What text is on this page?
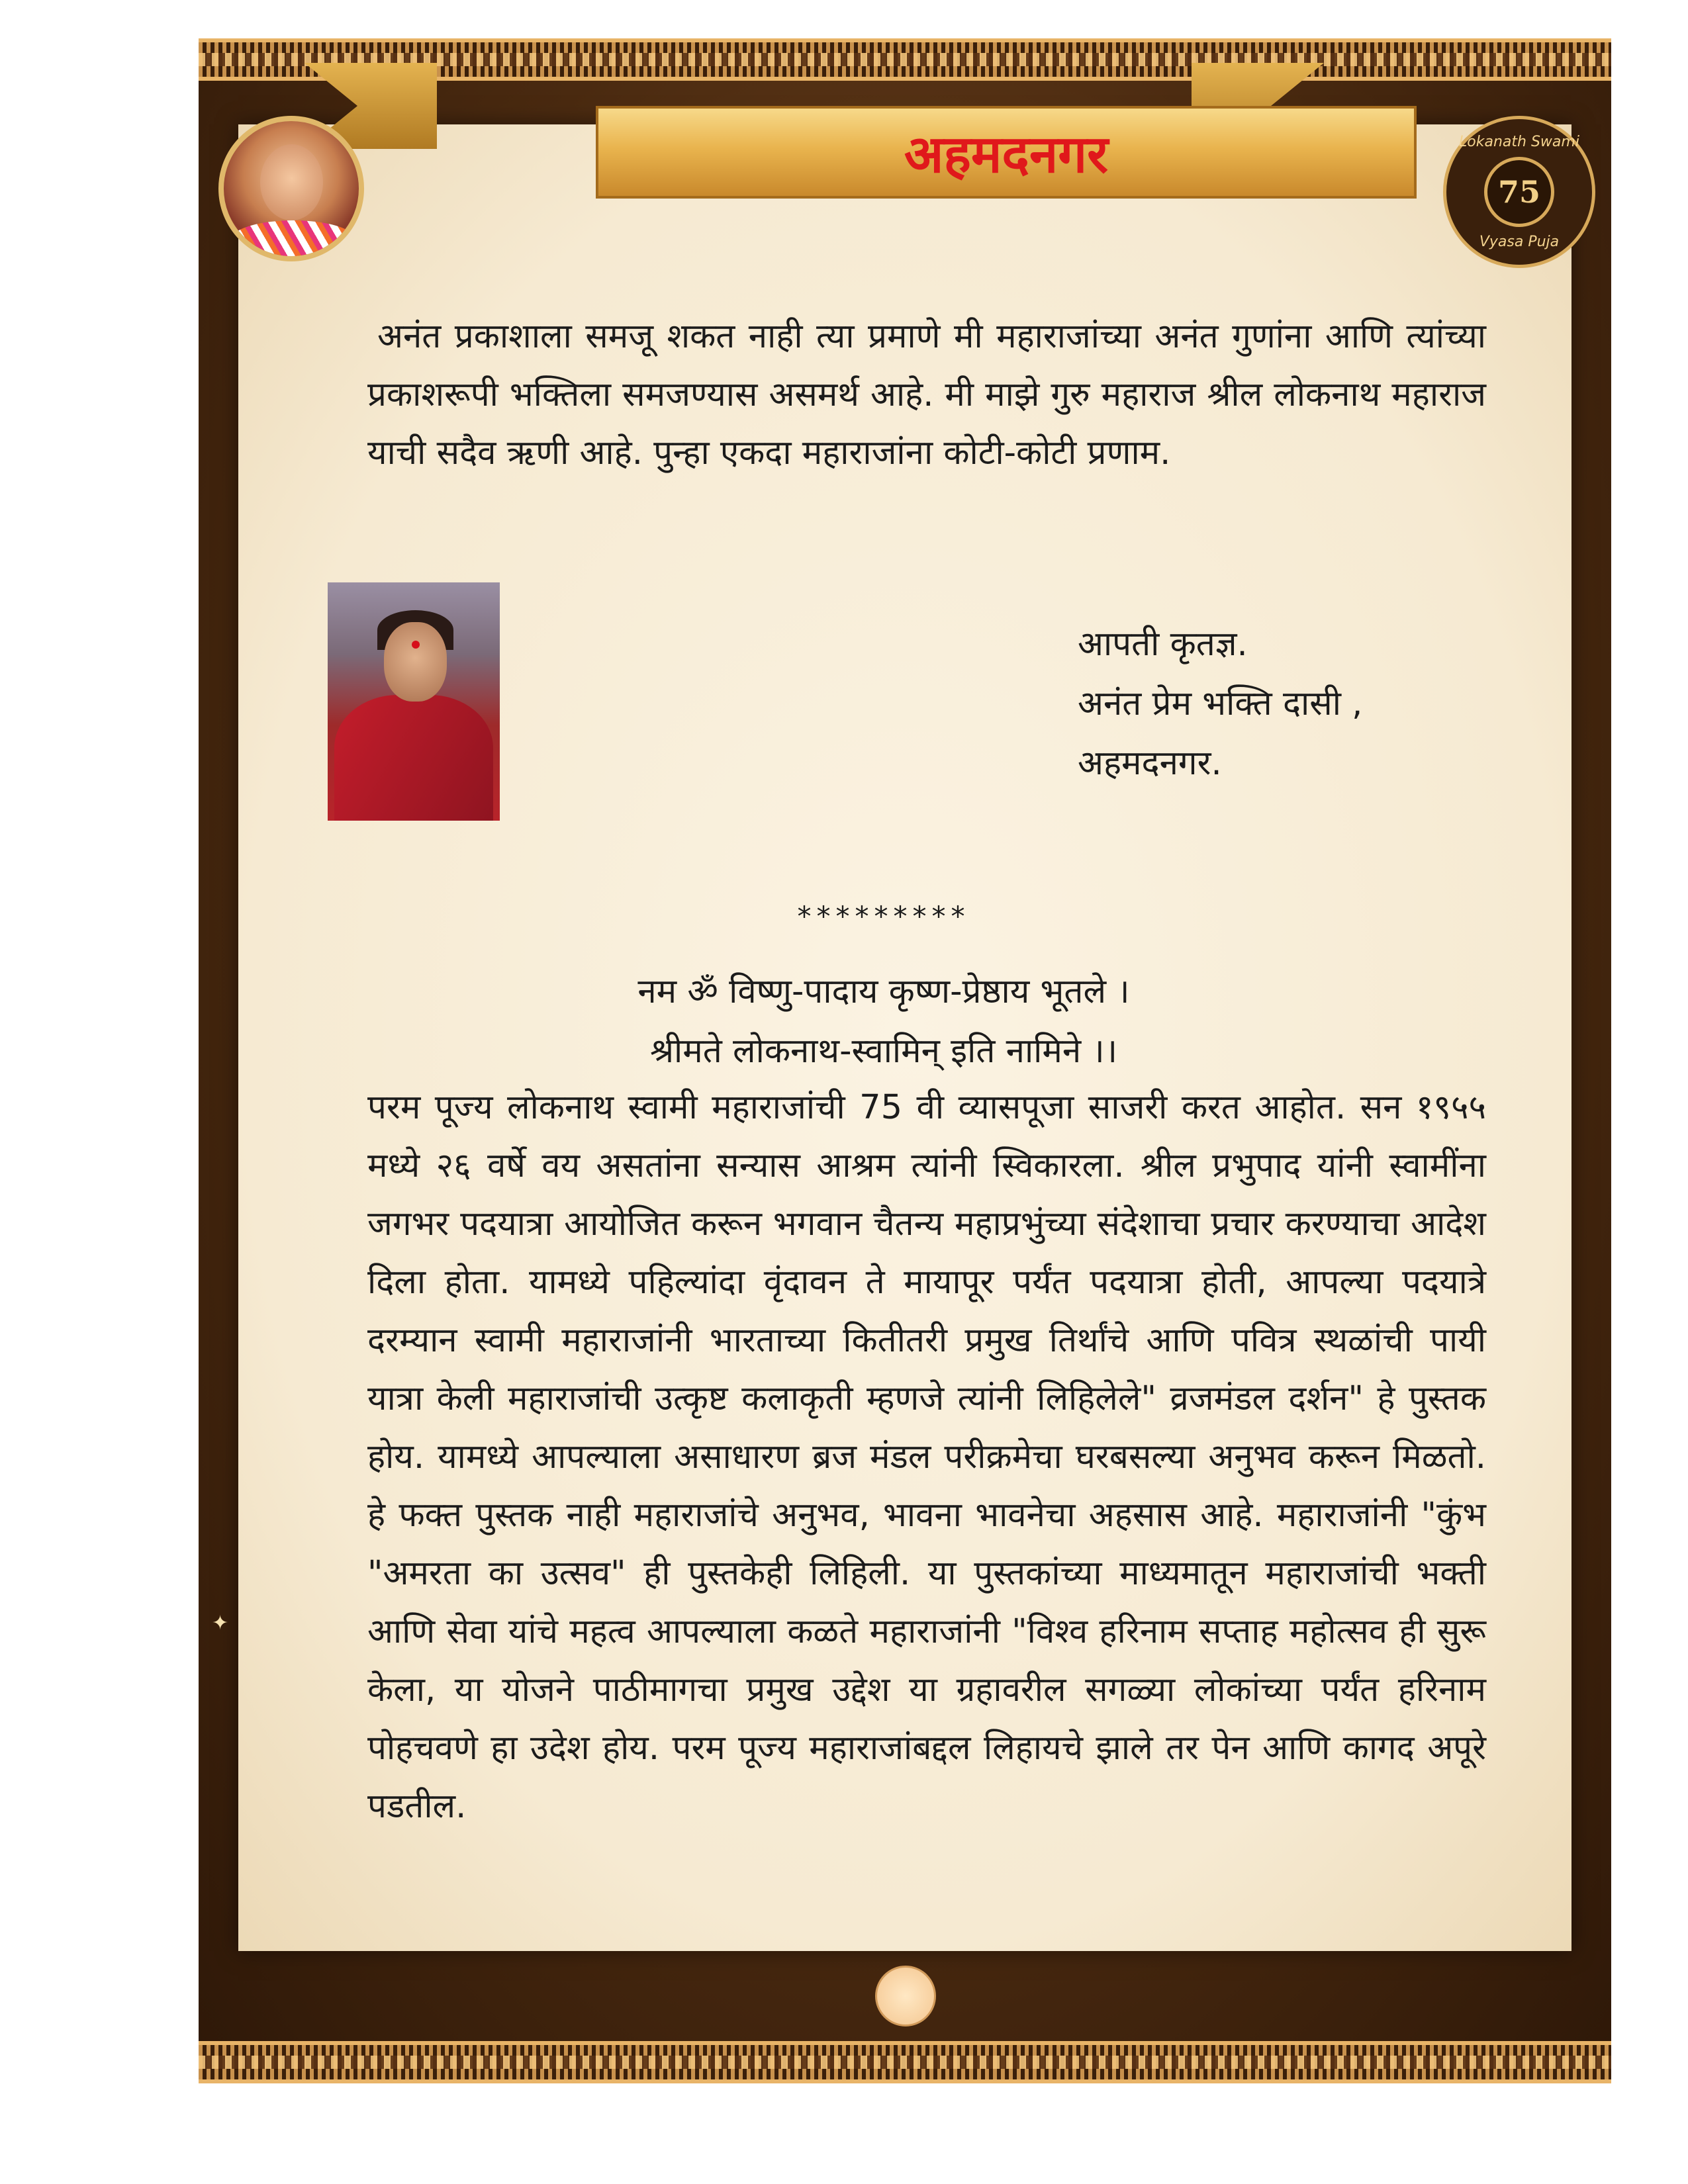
अहमदनगर	Lokanath Swami
75
Vyasa Puja

अनंत प्रकाशाला समजू शकत नाही त्या प्रमाणे मी महाराजांच्या अनंत गुणांना आणि त्यांच्या प्रकाशरूपी भक्तिला समजण्यास असमर्थ आहे. मी माझे गुरु महाराज श्रील लोकनाथ महाराज याची सदैव ऋणी आहे. पुन्हा एकदा महाराजांना कोटी-कोटी प्रणाम.

आपती कृतज्ञ.

अनंत प्रेम भक्ति दासी ,

अहमदनगर.

*********

नम ॐ विष्णु-पादाय कृष्ण-प्रेष्ठाय भूतले ।

श्रीमते लोकनाथ-स्वामिन् इति नामिने ।।

परम पूज्य लोकनाथ स्वामी महाराजांची 75 वी व्यासपूजा साजरी करत आहोत. सन १९५५ मध्ये २६ वर्षे वय असतांना सन्यास आश्रम त्यांनी स्विकारला. श्रील प्रभुपाद यांनी स्वामींना जगभर पदयात्रा आयोजित करून भगवान चैतन्य महाप्रभुंच्या संदेशाचा प्रचार करण्याचा आदेश दिला होता. यामध्ये पहिल्यांदा वृंदावन ते मायापूर पर्यंत पदयात्रा होती, आपल्या पदयात्रे दरम्यान स्वामी महाराजांनी भारताच्या कितीतरी प्रमुख तिर्थांचे आणि पवित्र स्थळांची पायी यात्रा केली महाराजांची उत्कृष्ट कलाकृती म्हणजे त्यांनी लिहिलेले" व्रजमंडल दर्शन" हे पुस्तक होय. यामध्ये आपल्याला असाधारण ब्रज मंडल परीक्रमेचा घरबसल्या अनुभव करून मिळतो. हे फक्त पुस्तक नाही महाराजांचे अनुभव, भावना भावनेचा अहसास आहे. महाराजांनी "कुंभ "अमरता का उत्सव" ही पुस्तकेही लिहिली. या पुस्तकांच्या माध्यमातून महाराजांची भक्ती आणि सेवा यांचे महत्व आपल्याला कळते महाराजांनी "विश्व हरिनाम सप्ताह महोत्सव ही सुरू केला, या योजने पाठीमागचा प्रमुख उद्देश या ग्रहावरील सगळ्या लोकांच्या पर्यंत हरिनाम पोहचवणे हा उदेश होय. परम पूज्य महाराजांबद्दल लिहायचे झाले तर पेन आणि कागद अपूरे पडतील.

✦
